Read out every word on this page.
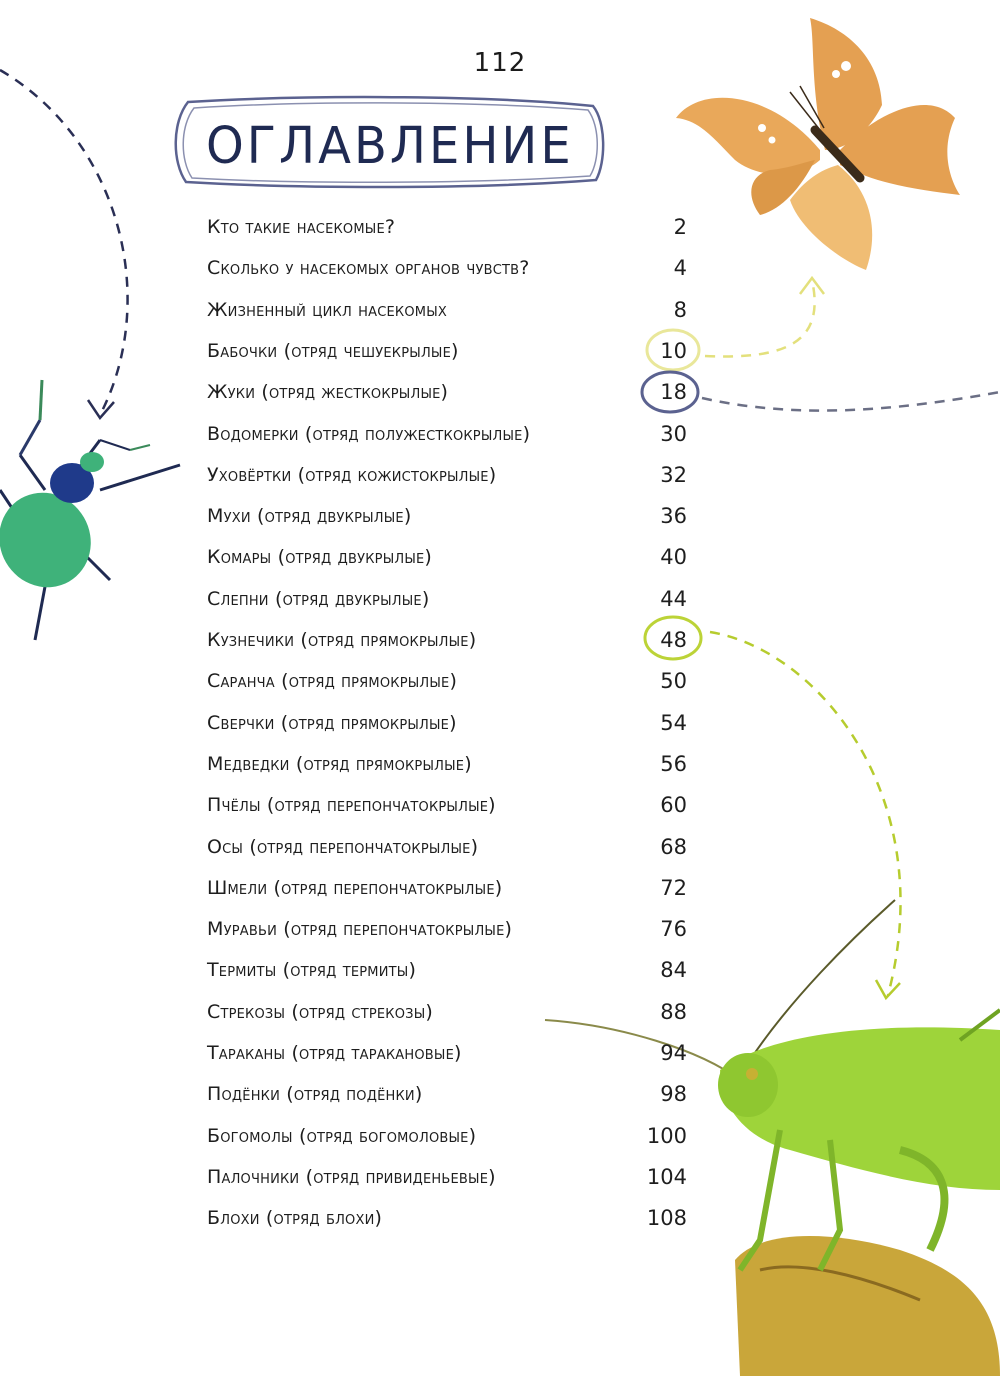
112
ОГЛАВЛЕНИЕ
Кто такие насекомые?	2
Сколько у насекомых органов чувств?	4
Жизненный цикл насекомых	8
Бабочки (отряд чешуекрылые)	10
Жуки (отряд жесткокрылые)	18
Водомерки (отряд полужесткокрылые)	30
Уховёртки (отряд кожистокрылые)	32
Мухи (отряд двукрылые)	36
Комары (отряд двукрылые)	40
Слепни (отряд двукрылые)	44
Кузнечики (отряд прямокрылые)	48
Саранча (отряд прямокрылые)	50
Сверчки (отряд прямокрылые)	54
Медведки (отряд прямокрылые)	56
Пчёлы (отряд перепончатокрылые)	60
Осы (отряд перепончатокрылые)	68
Шмели (отряд перепончатокрылые)	72
Муравьи (отряд перепончатокрылые)	76
Термиты (отряд термиты)	84
Стрекозы (отряд стрекозы)	88
Тараканы (отряд таракановые)	94
Подёнки (отряд подёнки)	98
Богомолы (отряд богомоловые)	100
Палочники (отряд привиденьевые)	104
Блохи (отряд блохи)	108
